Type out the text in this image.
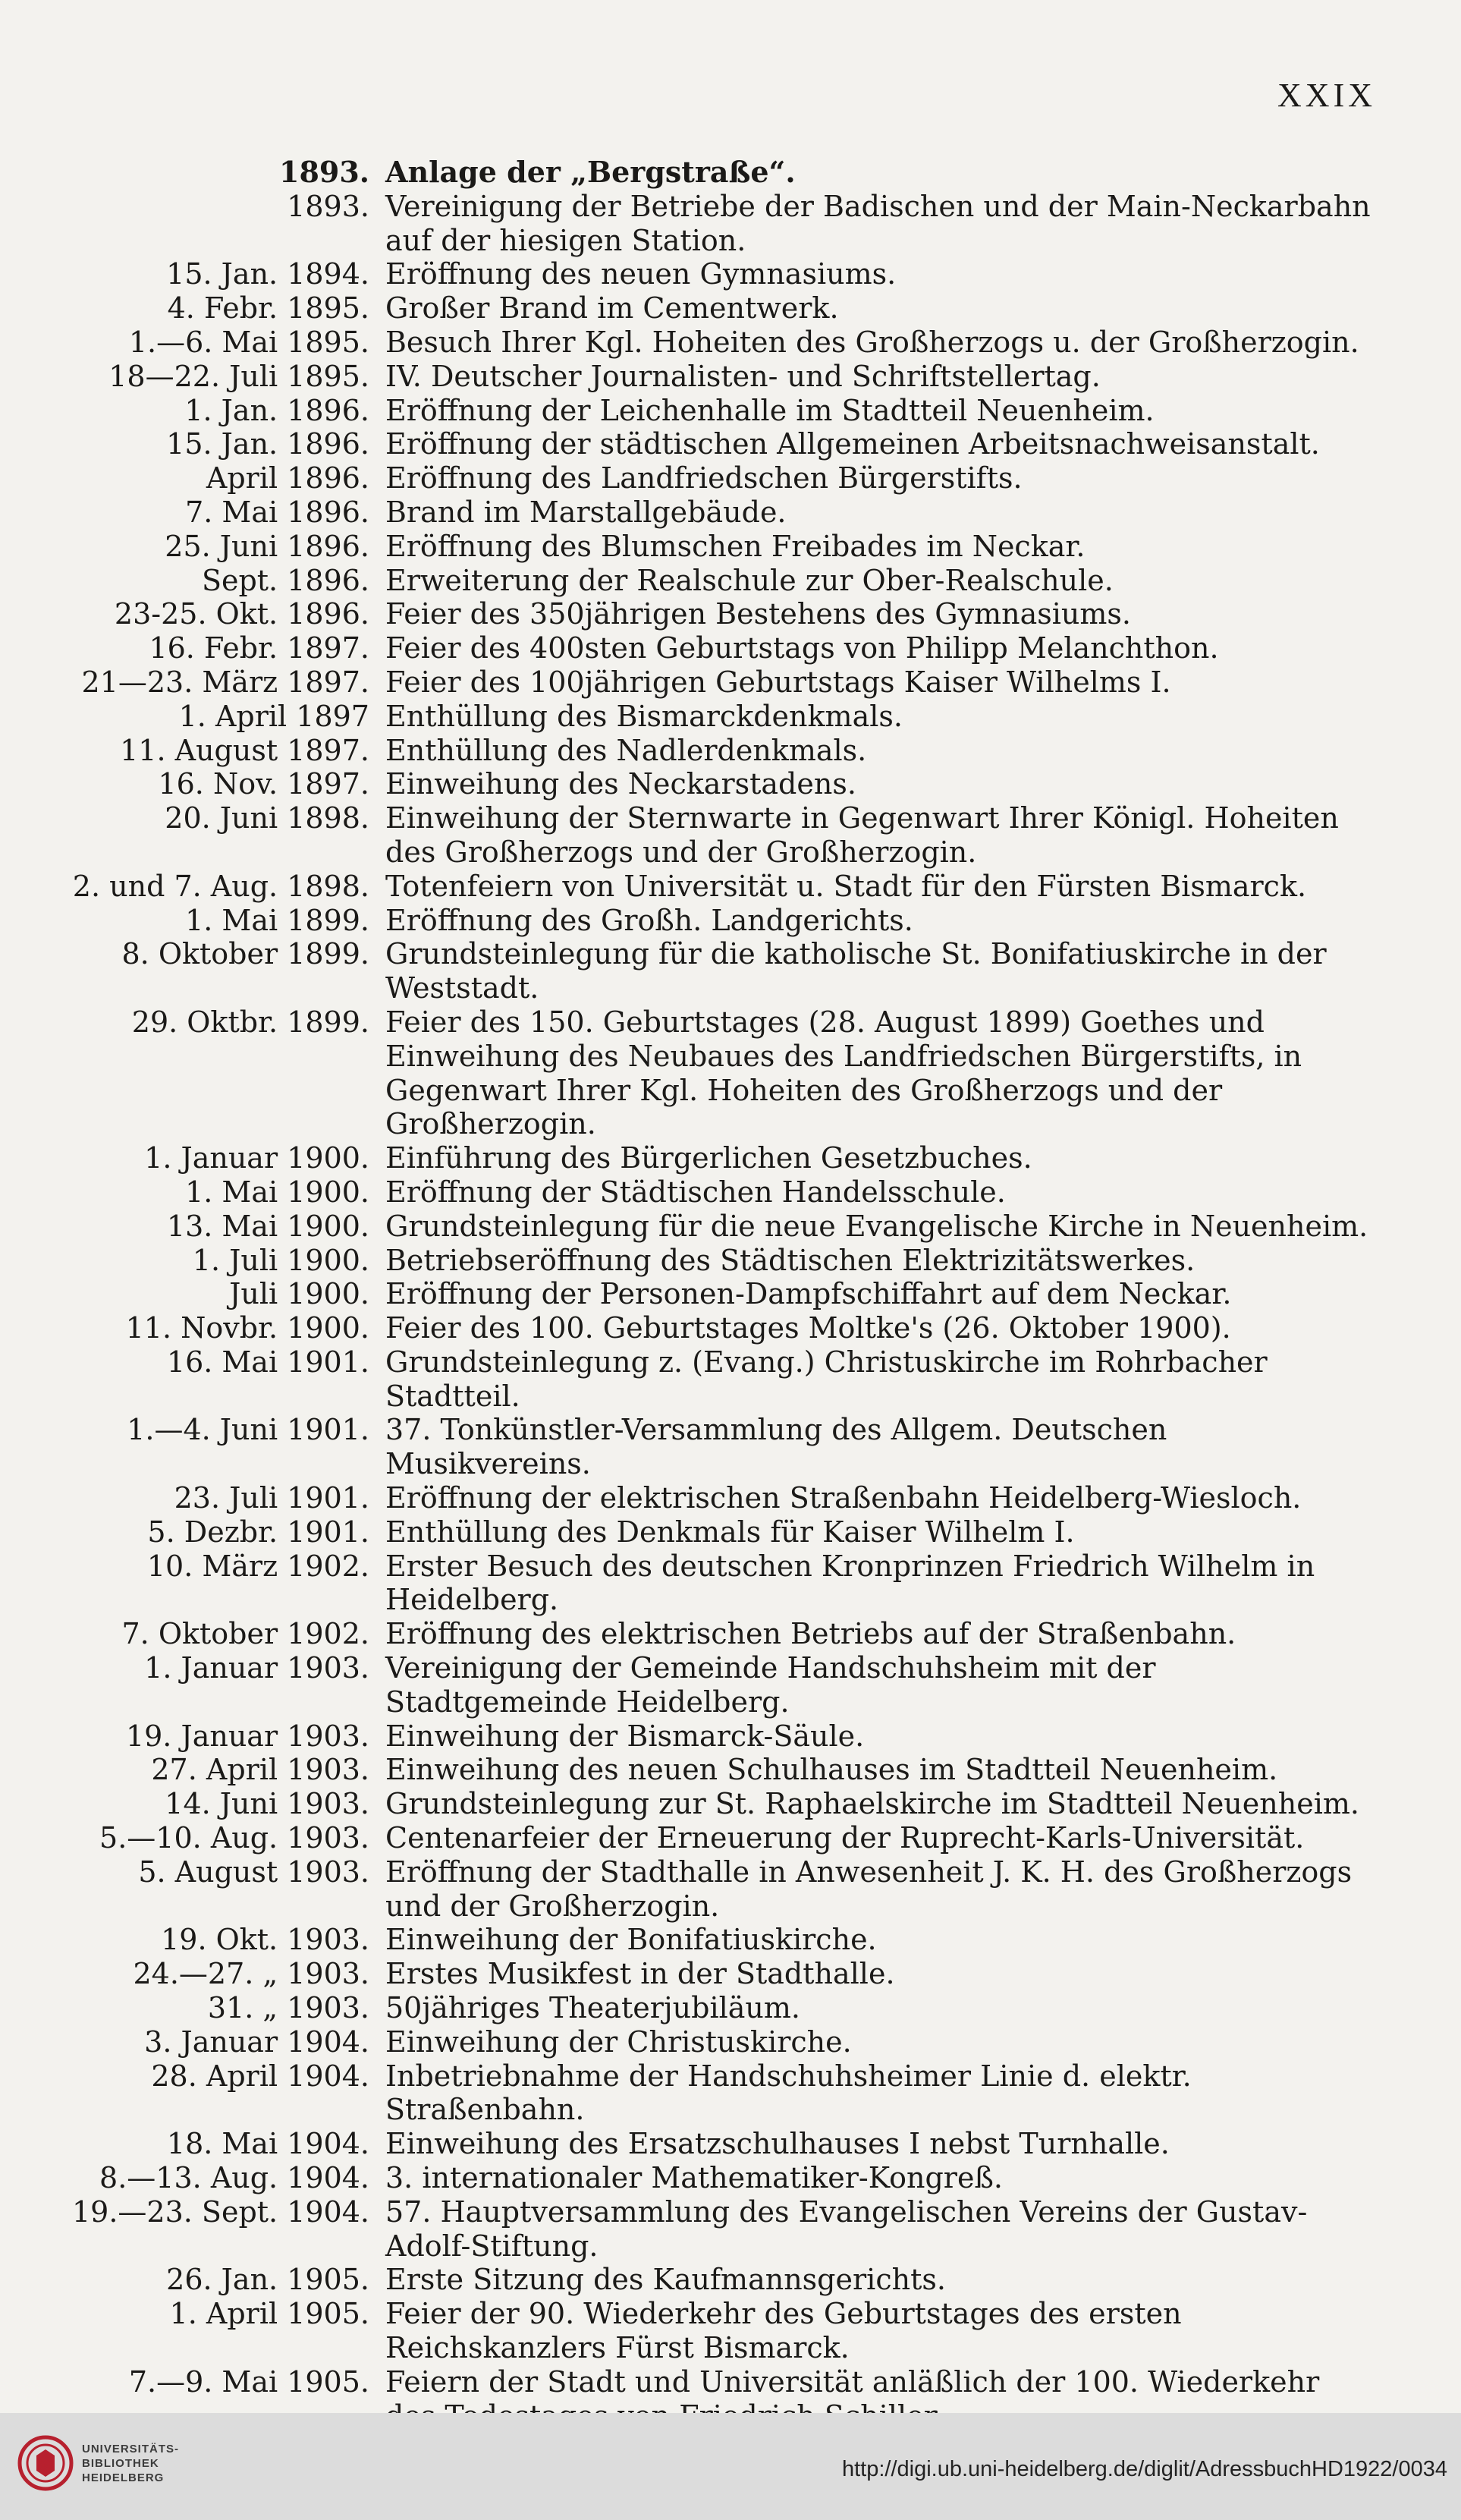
XXIX
1893. Anlage der „Bergstraße“.
1893. Vereinigung der Betriebe der Badischen und der Main-Neckarbahn auf der hiesigen Station.
15. Jan. 1894. Eröffnung des neuen Gymnasiums.
4. Febr. 1895. Großer Brand im Cementwerk.
1.—6. Mai 1895. Besuch Ihrer Kgl. Hoheiten des Großherzogs u. der Großherzogin.
18—22. Juli 1895. IV. Deutscher Journalisten- und Schriftstellertag.
1. Jan. 1896. Eröffnung der Leichenhalle im Stadtteil Neuenheim.
15. Jan. 1896. Eröffnung der städtischen Allgemeinen Arbeitsnachweisanstalt.
April 1896. Eröffnung des Landfriedschen Bürgerstifts.
7. Mai 1896. Brand im Marstallgebäude.
25. Juni 1896. Eröffnung des Blumschen Freibades im Neckar.
Sept. 1896. Erweiterung der Realschule zur Ober-Realschule.
23-25. Okt. 1896. Feier des 350jährigen Bestehens des Gymnasiums.
16. Febr. 1897. Feier des 400sten Geburtstags von Philipp Melanchthon.
21—23. März 1897. Feier des 100jährigen Geburtstags Kaiser Wilhelms I.
1. April 1897 Enthüllung des Bismarckdenkmals.
11. August 1897. Enthüllung des Nadlerdenkmals.
16. Nov. 1897. Einweihung des Neckarstadens.
20. Juni 1898. Einweihung der Sternwarte in Gegenwart Ihrer Königl. Hoheiten des Großherzogs und der Großherzogin.
2. und 7. Aug. 1898. Totenfeiern von Universität u. Stadt für den Fürsten Bismarck.
1. Mai 1899. Eröffnung des Großh. Landgerichts.
8. Oktober 1899. Grundsteinlegung für die katholische St. Bonifatiuskirche in der Weststadt.
29. Oktbr. 1899. Feier des 150. Geburtstages (28. August 1899) Goethes und Einweihung des Neubaues des Landfriedschen Bürgerstifts, in Gegenwart Ihrer Kgl. Hoheiten des Großherzogs und der Großherzogin.
1. Januar 1900. Einführung des Bürgerlichen Gesetzbuches.
1. Mai 1900. Eröffnung der Städtischen Handelsschule.
13. Mai 1900. Grundsteinlegung für die neue Evangelische Kirche in Neuenheim.
1. Juli 1900. Betriebseröffnung des Städtischen Elektrizitätswerkes.
Juli 1900. Eröffnung der Personen-Dampfschiffahrt auf dem Neckar.
11. Novbr. 1900. Feier des 100. Geburtstages Moltke's (26. Oktober 1900).
16. Mai 1901. Grundsteinlegung z. (Evang.) Christuskirche im Rohrbacher Stadtteil.
1.—4. Juni 1901. 37. Tonkünstler-Versammlung des Allgem. Deutschen Musikvereins.
23. Juli 1901. Eröffnung der elektrischen Straßenbahn Heidelberg-Wiesloch.
5. Dezbr. 1901. Enthüllung des Denkmals für Kaiser Wilhelm I.
10. März 1902. Erster Besuch des deutschen Kronprinzen Friedrich Wilhelm in Heidelberg.
7. Oktober 1902. Eröffnung des elektrischen Betriebs auf der Straßenbahn.
1. Januar 1903. Vereinigung der Gemeinde Handschuhsheim mit der Stadtgemeinde Heidelberg.
19. Januar 1903. Einweihung der Bismarck-Säule.
27. April 1903. Einweihung des neuen Schulhauses im Stadtteil Neuenheim.
14. Juni 1903. Grundsteinlegung zur St. Raphaelskirche im Stadtteil Neuenheim.
5.—10. Aug. 1903. Centenarfeier der Erneuerung der Ruprecht-Karls-Universität.
5. August 1903. Eröffnung der Stadthalle in Anwesenheit J. K. H. des Großherzogs und der Großherzogin.
19. Okt. 1903. Einweihung der Bonifatiuskirche.
24.—27. „ 1903. Erstes Musikfest in der Stadthalle.
31. „ 1903. 50jähriges Theaterjubiläum.
3. Januar 1904. Einweihung der Christuskirche.
28. April 1904. Inbetriebnahme der Handschuhsheimer Linie d. elektr. Straßenbahn.
18. Mai 1904. Einweihung des Ersatzschulhauses I nebst Turnhalle.
8.—13. Aug. 1904. 3. internationaler Mathematiker-Kongreß.
19.—23. Sept. 1904. 57. Hauptversammlung des Evangelischen Vereins der Gustav-Adolf-Stiftung.
26. Jan. 1905. Erste Sitzung des Kaufmannsgerichts.
1. April 1905. Feier der 90. Wiederkehr des Geburtstages des ersten Reichskanzlers Fürst Bismarck.
7.—9. Mai 1905. Feiern der Stadt und Universität anläßlich der 100. Wiederkehr
UNIVERSITÄTS-
BIBLIOTHEK
HEIDELBERG	http://digi.ub.uni-heidelberg.de/diglit/AdressbuchHD1922/0034
